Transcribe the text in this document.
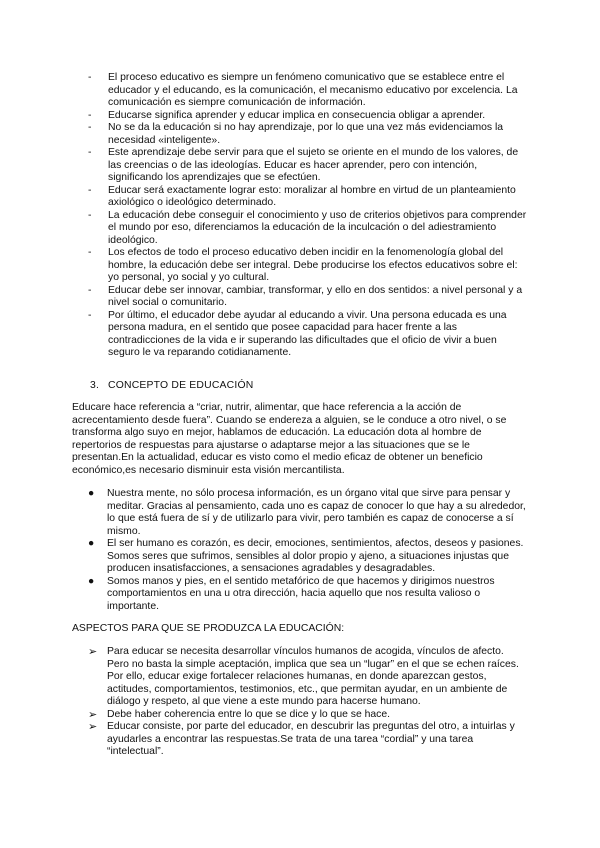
- El proceso educativo es siempre un fenómeno comunicativo que se establece entre el educador y el educando, es la comunicación, el mecanismo educativo por excelencia. La comunicación es siempre comunicación de información.
- Educarse significa aprender y educar implica en consecuencia obligar a aprender.
- No se da la educación si no hay aprendizaje, por lo que una vez más evidenciamos la necesidad «inteligente».
- Este aprendizaje debe servir para que el sujeto se oriente en el mundo de los valores, de las creencias o de las ideologías. Educar es hacer aprender, pero con intención, significando los aprendizajes que se efectúen.
- Educar será exactamente lograr esto: moralizar al hombre en virtud de un planteamiento axiológico o ideológico determinado.
- La educación debe conseguir el conocimiento y uso de criterios objetivos para comprender el mundo por eso, diferenciamos la educación de la inculcación o del adiestramiento ideológico.
- Los efectos de todo el proceso educativo deben incidir en la fenomenología global del hombre, la educación debe ser integral. Debe producirse los efectos educativos sobre el: yo personal, yo social y yo cultural.
- Educar debe ser innovar, cambiar, transformar, y ello en dos sentidos: a nivel personal y a nivel social o comunitario.
- Por último, el educador debe ayudar al educando a vivir. Una persona educada es una persona madura, en el sentido que posee capacidad para hacer frente a las contradicciones de la vida e ir superando las dificultades que el oficio de vivir a buen seguro le va reparando cotidianamente.
3. CONCEPTO DE EDUCACIÓN

Educare hace referencia a “criar, nutrir, alimentar, que hace referencia a la acción de acrecentamiento desde fuera”. Cuando se endereza a alguien, se le conduce a otro nivel, o se transforma algo suyo en mejor, hablamos de educación. La educación dota al hombre de repertorios de respuestas para ajustarse o adaptarse mejor a las situaciones que se le presentan.En la actualidad, educar es visto como el medio eficaz de obtener un beneficio económico,es necesario disminuir esta visión mercantilista.

● Nuestra mente, no sólo procesa información, es un órgano vital que sirve para pensar y meditar. Gracias al pensamiento, cada uno es capaz de conocer lo que hay a su alrededor, lo que está fuera de sí y de utilizarlo para vivir, pero también es capaz de conocerse a sí mismo.
● El ser humano es corazón, es decir, emociones, sentimientos, afectos, deseos y pasiones. Somos seres que sufrimos, sensibles al dolor propio y ajeno, a situaciones injustas que producen insatisfacciones, a sensaciones agradables y desagradables.
● Somos manos y pies, en el sentido metafórico de que hacemos y dirigimos nuestros comportamientos en una u otra dirección, hacia aquello que nos resulta valioso o importante.
ASPECTOS PARA QUE SE PRODUZCA LA EDUCACIÓN:
➢ Para educar se necesita desarrollar vínculos humanos de acogida, vínculos de afecto. Pero no basta la simple aceptación, implica que sea un “lugar” en el que se echen raíces. Por ello, educar exige fortalecer relaciones humanas, en donde aparezcan gestos, actitudes, comportamientos, testimonios, etc., que permitan ayudar, en un ambiente de diálogo y respeto, al que viene a este mundo para hacerse humano.
➢ Debe haber coherencia entre lo que se dice y lo que se hace.
➢ Educar consiste, por parte del educador, en descubrir las preguntas del otro, a intuirlas y ayudarles a encontrar las respuestas.Se trata de una tarea “cordial” y una tarea “intelectual”.
